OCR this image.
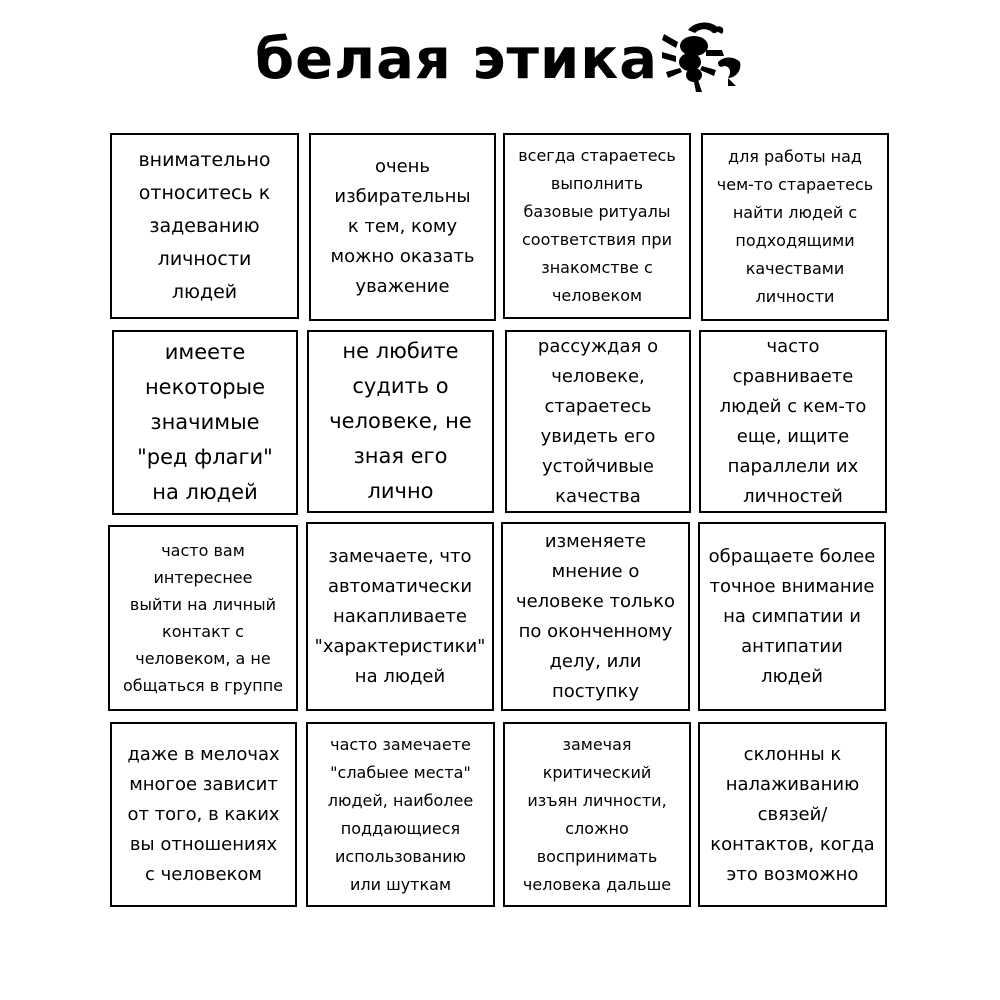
белая этика
внимательно
относитесь к
задеванию
личности
людей
очень
избирательны
к тем, кому
можно оказать
уважение
всегда стараетесь
выполнить
базовые ритуалы
соответствия при
знакомстве с
человеком
для работы над
чем-то стараетесь
найти людей с
подходящими
качествами
личности
имеете
некоторые
значимые
"ред флаги"
на людей
не любите
судить о
человеке, не
зная его
лично
рассуждая о
человеке,
стараетесь
увидеть его
устойчивые
качества
часто
сравниваете
людей с кем-то
еще, ищите
параллели их
личностей
часто вам
интереснее
выйти на личный
контакт с
человеком, а не
общаться в группе
замечаете, что
автоматически
накапливаете
"характеристики"
на людей
изменяете
мнение о
человеке только
по оконченному
делу, или
поступку
обращаете более
точное внимание
на симпатии и
антипатии
людей
даже в мелочах
многое зависит
от того, в каких
вы отношениях
с человеком
часто замечаете
"слабыее места"
людей, наиболее
поддающиеся
использованию
или шуткам
замечая
критический
изъян личности,
сложно
воспринимать
человека дальше
склонны к
налаживанию
связей/
контактов, когда
это возможно
